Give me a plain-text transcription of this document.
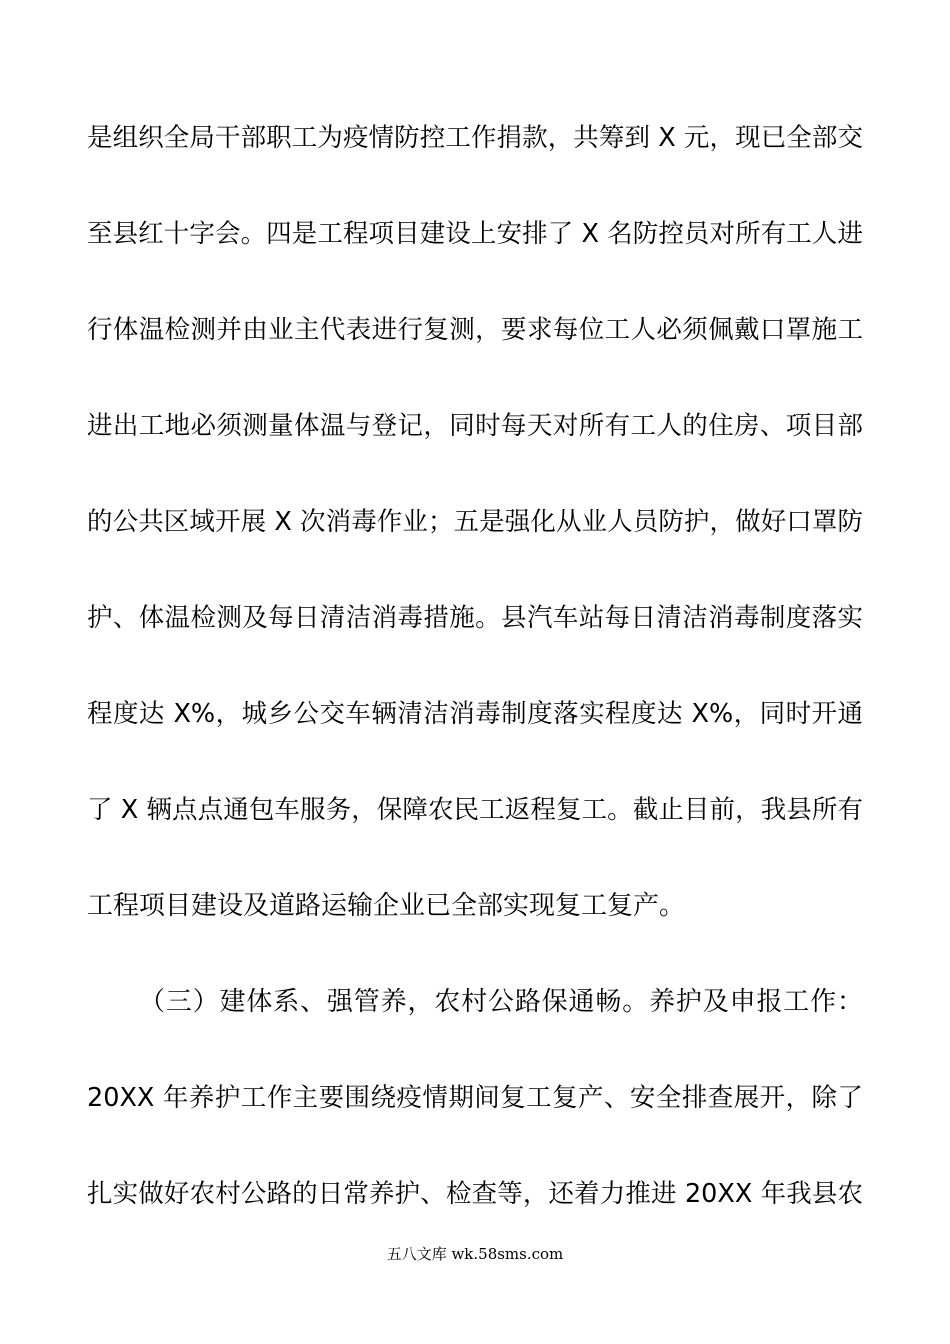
是组织全局干部职工为疫情防控工作捐款，共筹到 X 元，现已全部交
至县红十字会。四是工程项目建设上安排了 X 名防控员对所有工人进
行体温检测并由业主代表进行复测，要求每位工人必须佩戴口罩施工
进出工地必须测量体温与登记，同时每天对所有工人的住房、项目部
的公共区域开展 X 次消毒作业；五是强化从业人员防护，做好口罩防
护、体温检测及每日清洁消毒措施。县汽车站每日清洁消毒制度落实
程度达 X%，城乡公交车辆清洁消毒制度落实程度达 X%，同时开通
了 X 辆点点通包车服务，保障农民工返程复工。截止目前，我县所有
工程项目建设及道路运输企业已全部实现复工复产。
（三）建体系、强管养，农村公路保通畅。养护及申报工作：
20XX 年养护工作主要围绕疫情期间复工复产、安全排查展开，除了
扎实做好农村公路的日常养护、检查等，还着力推进 20XX 年我县农
五八文库 wk.58sms.com
